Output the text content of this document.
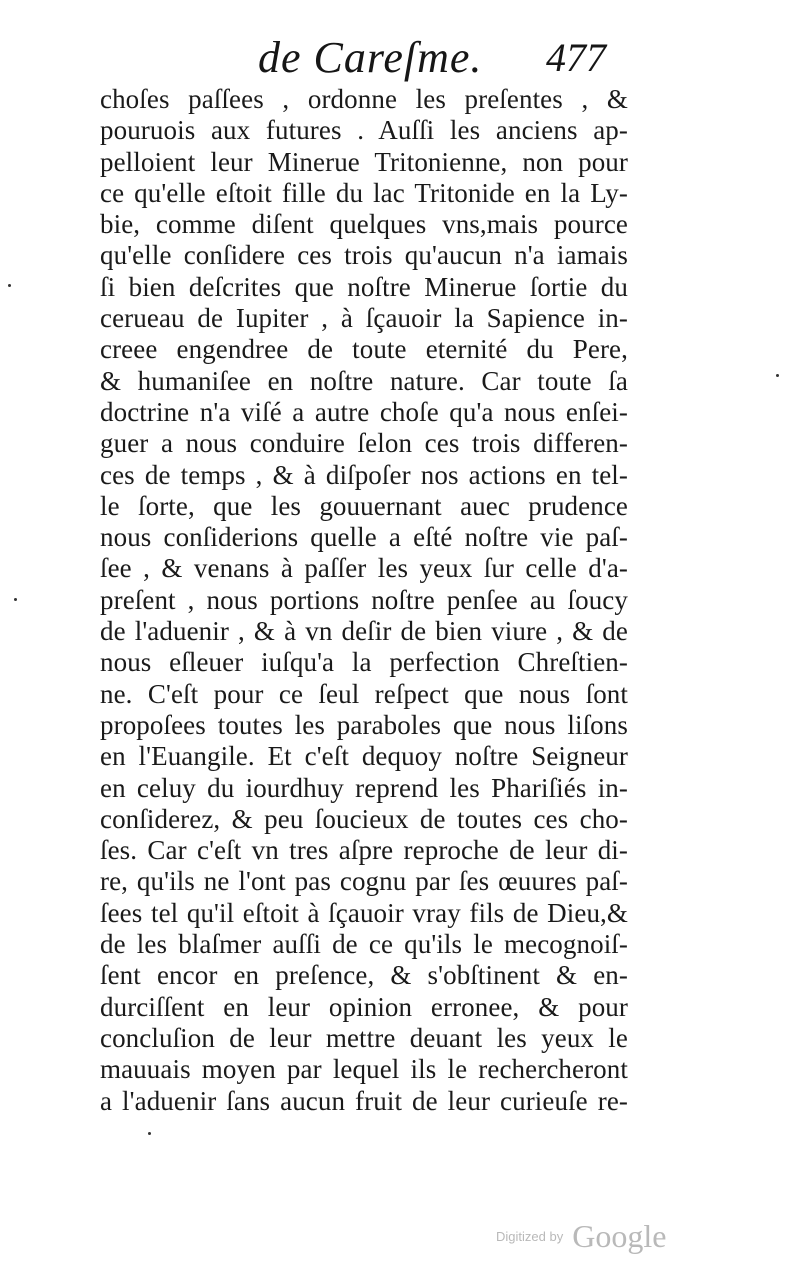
de Careſme. 477
choſes paſſees , ordonne les preſentes , &
pouruois aux futures . Auſſi les anciens ap-
pelloient leur Minerue Tritonienne, non pour
ce qu'elle eſtoit fille du lac Tritonide en la Ly-
bie, comme diſent quelques vns,mais pource
qu'elle conſidere ces trois qu'aucun n'a iamais
ſi bien deſcrites que noſtre Minerue ſortie du
cerueau de Iupiter , à ſçauoir la Sapience in-
creee engendree de toute eternité du Pere,
& humaniſee en noſtre nature. Car toute ſa
doctrine n'a viſé a autre choſe qu'a nous enſei-
guer a nous conduire ſelon ces trois differen-
ces de temps , & à diſpoſer nos actions en tel-
le ſorte, que les gouuernant auec prudence
nous conſiderions quelle a eſté noſtre vie paſ-
ſee , & venans à paſſer les yeux ſur celle d'a-
preſent , nous portions noſtre penſee au ſoucy
de l'aduenir , & à vn deſir de bien viure , & de
nous eſleuer iuſqu'a la perfection Chreſtien-
ne. C'eſt pour ce ſeul reſpect que nous ſont
propoſees toutes les paraboles que nous liſons
en l'Euangile. Et c'eſt dequoy noſtre Seigneur
en celuy du iourdhuy reprend les Phariſiés in-
conſiderez, & peu ſoucieux de toutes ces cho-
ſes. Car c'eſt vn tres aſpre reproche de leur di-
re, qu'ils ne l'ont pas cognu par ſes œuures paſ-
ſees tel qu'il eſtoit à ſçauoir vray fils de Dieu,&
de les blaſmer auſſi de ce qu'ils le mecognoiſ-
ſent encor en preſence, & s'obſtinent & en-
durciſſent en leur opinion erronee, & pour
concluſion de leur mettre deuant les yeux le
mauuais moyen par lequel ils le rechercheront
a l'aduenir ſans aucun fruit de leur curieuſe re-
Digitized by Google
